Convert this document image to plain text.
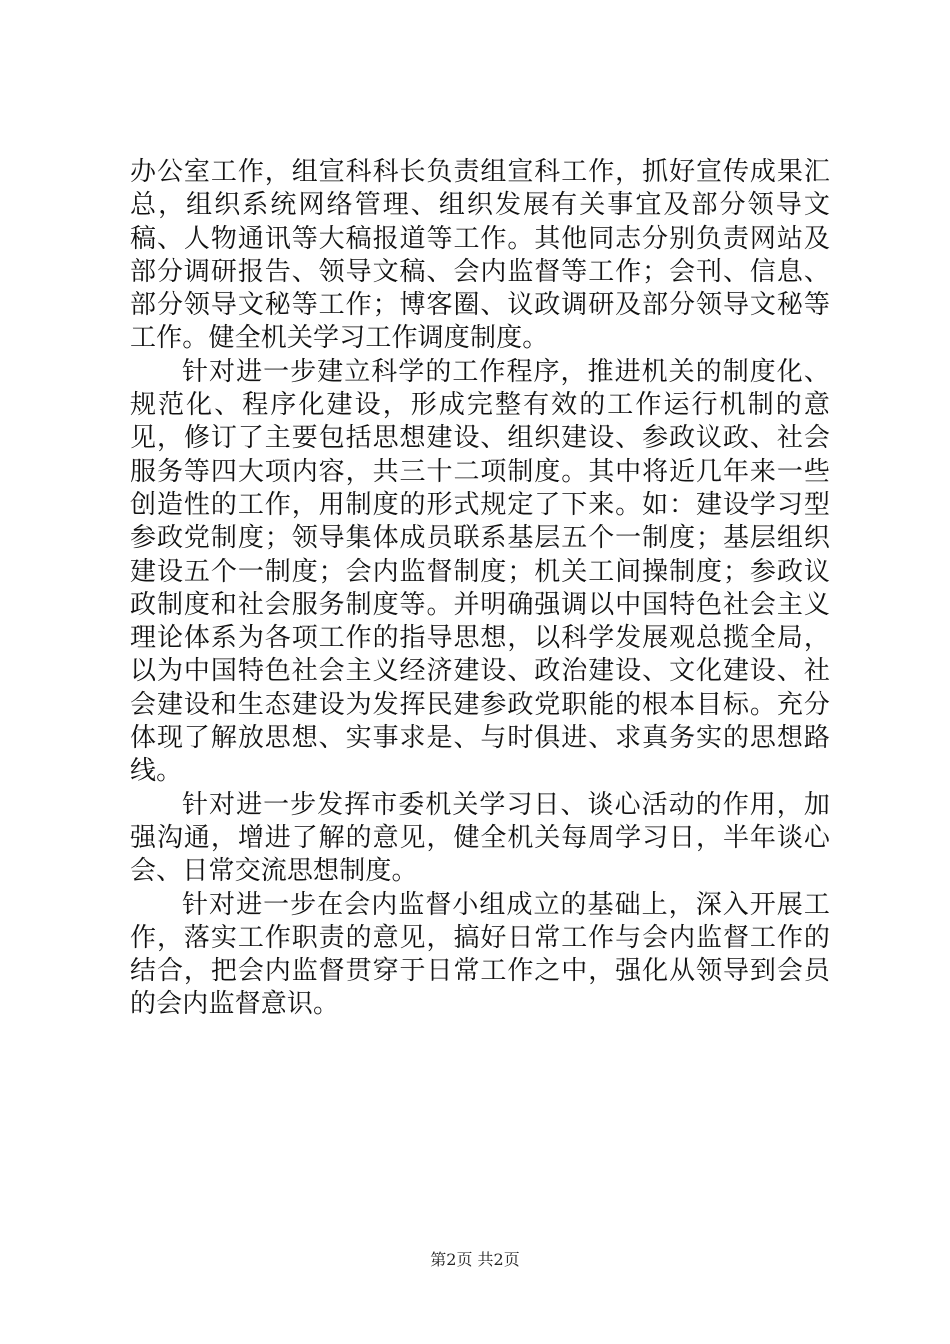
办公室工作，组宣科科长负责组宣科工作，抓好宣传成果汇总，组织系统网络管理、组织发展有关事宜及部分领导文稿、人物通讯等大稿报道等工作。其他同志分别负责网站及部分调研报告、领导文稿、会内监督等工作；会刊、信息、部分领导文秘等工作；博客圈、议政调研及部分领导文秘等工作。健全机关学习工作调度制度。

针对进一步建立科学的工作程序，推进机关的制度化、规范化、程序化建设，形成完整有效的工作运行机制的意见，修订了主要包括思想建设、组织建设、参政议政、社会服务等四大项内容，共三十二项制度。其中将近几年来一些创造性的工作，用制度的形式规定了下来。如：建设学习型参政党制度；领导集体成员联系基层五个一制度；基层组织建设五个一制度；会内监督制度；机关工间操制度；参政议政制度和社会服务制度等。并明确强调以中国特色社会主义理论体系为各项工作的指导思想，以科学发展观总揽全局，以为中国特色社会主义经济建设、政治建设、文化建设、社会建设和生态建设为发挥民建参政党职能的根本目标。充分体现了解放思想、实事求是、与时俱进、求真务实的思想路线。

针对进一步发挥市委机关学习日、谈心活动的作用，加强沟通，增进了解的意见，健全机关每周学习日，半年谈心会、日常交流思想制度。

针对进一步在会内监督小组成立的基础上，深入开展工作，落实工作职责的意见，搞好日常工作与会内监督工作的结合，把会内监督贯穿于日常工作之中，强化从领导到会员的会内监督意识。

第2页 共2页
